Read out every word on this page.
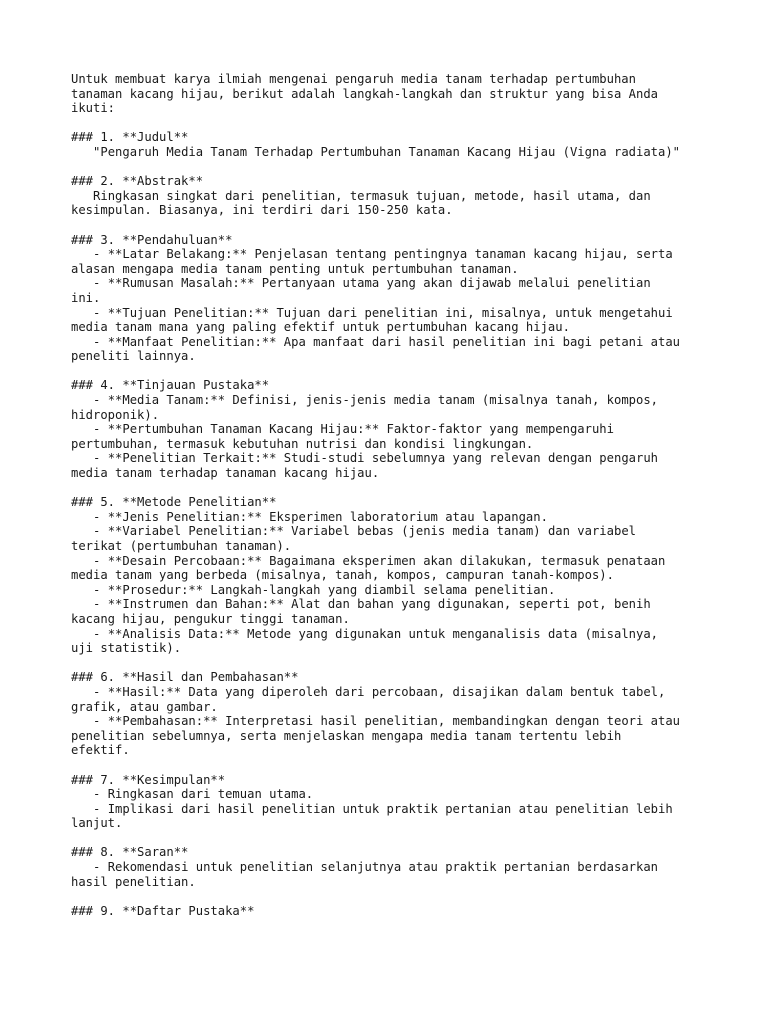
Untuk membuat karya ilmiah mengenai pengaruh media tanam terhadap pertumbuhan
tanaman kacang hijau, berikut adalah langkah-langkah dan struktur yang bisa Anda
ikuti:

### 1. **Judul**
"Pengaruh Media Tanam Terhadap Pertumbuhan Tanaman Kacang Hijau (Vigna radiata)"

### 2. **Abstrak**
Ringkasan singkat dari penelitian, termasuk tujuan, metode, hasil utama, dan
kesimpulan. Biasanya, ini terdiri dari 150-250 kata.

### 3. **Pendahuluan**
- **Latar Belakang:** Penjelasan tentang pentingnya tanaman kacang hijau, serta
alasan mengapa media tanam penting untuk pertumbuhan tanaman.
- **Rumusan Masalah:** Pertanyaan utama yang akan dijawab melalui penelitian
ini.
- **Tujuan Penelitian:** Tujuan dari penelitian ini, misalnya, untuk mengetahui
media tanam mana yang paling efektif untuk pertumbuhan kacang hijau.
- **Manfaat Penelitian:** Apa manfaat dari hasil penelitian ini bagi petani atau
peneliti lainnya.

### 4. **Tinjauan Pustaka**
- **Media Tanam:** Definisi, jenis-jenis media tanam (misalnya tanah, kompos,
hidroponik).
- **Pertumbuhan Tanaman Kacang Hijau:** Faktor-faktor yang mempengaruhi
pertumbuhan, termasuk kebutuhan nutrisi dan kondisi lingkungan.
- **Penelitian Terkait:** Studi-studi sebelumnya yang relevan dengan pengaruh
media tanam terhadap tanaman kacang hijau.

### 5. **Metode Penelitian**
- **Jenis Penelitian:** Eksperimen laboratorium atau lapangan.
- **Variabel Penelitian:** Variabel bebas (jenis media tanam) dan variabel
terikat (pertumbuhan tanaman).
- **Desain Percobaan:** Bagaimana eksperimen akan dilakukan, termasuk penataan
media tanam yang berbeda (misalnya, tanah, kompos, campuran tanah-kompos).
- **Prosedur:** Langkah-langkah yang diambil selama penelitian.
- **Instrumen dan Bahan:** Alat dan bahan yang digunakan, seperti pot, benih
kacang hijau, pengukur tinggi tanaman.
- **Analisis Data:** Metode yang digunakan untuk menganalisis data (misalnya,
uji statistik).

### 6. **Hasil dan Pembahasan**
- **Hasil:** Data yang diperoleh dari percobaan, disajikan dalam bentuk tabel,
grafik, atau gambar.
- **Pembahasan:** Interpretasi hasil penelitian, membandingkan dengan teori atau
penelitian sebelumnya, serta menjelaskan mengapa media tanam tertentu lebih
efektif.

### 7. **Kesimpulan**
- Ringkasan dari temuan utama.
- Implikasi dari hasil penelitian untuk praktik pertanian atau penelitian lebih
lanjut.

### 8. **Saran**
- Rekomendasi untuk penelitian selanjutnya atau praktik pertanian berdasarkan
hasil penelitian.

### 9. **Daftar Pustaka**
